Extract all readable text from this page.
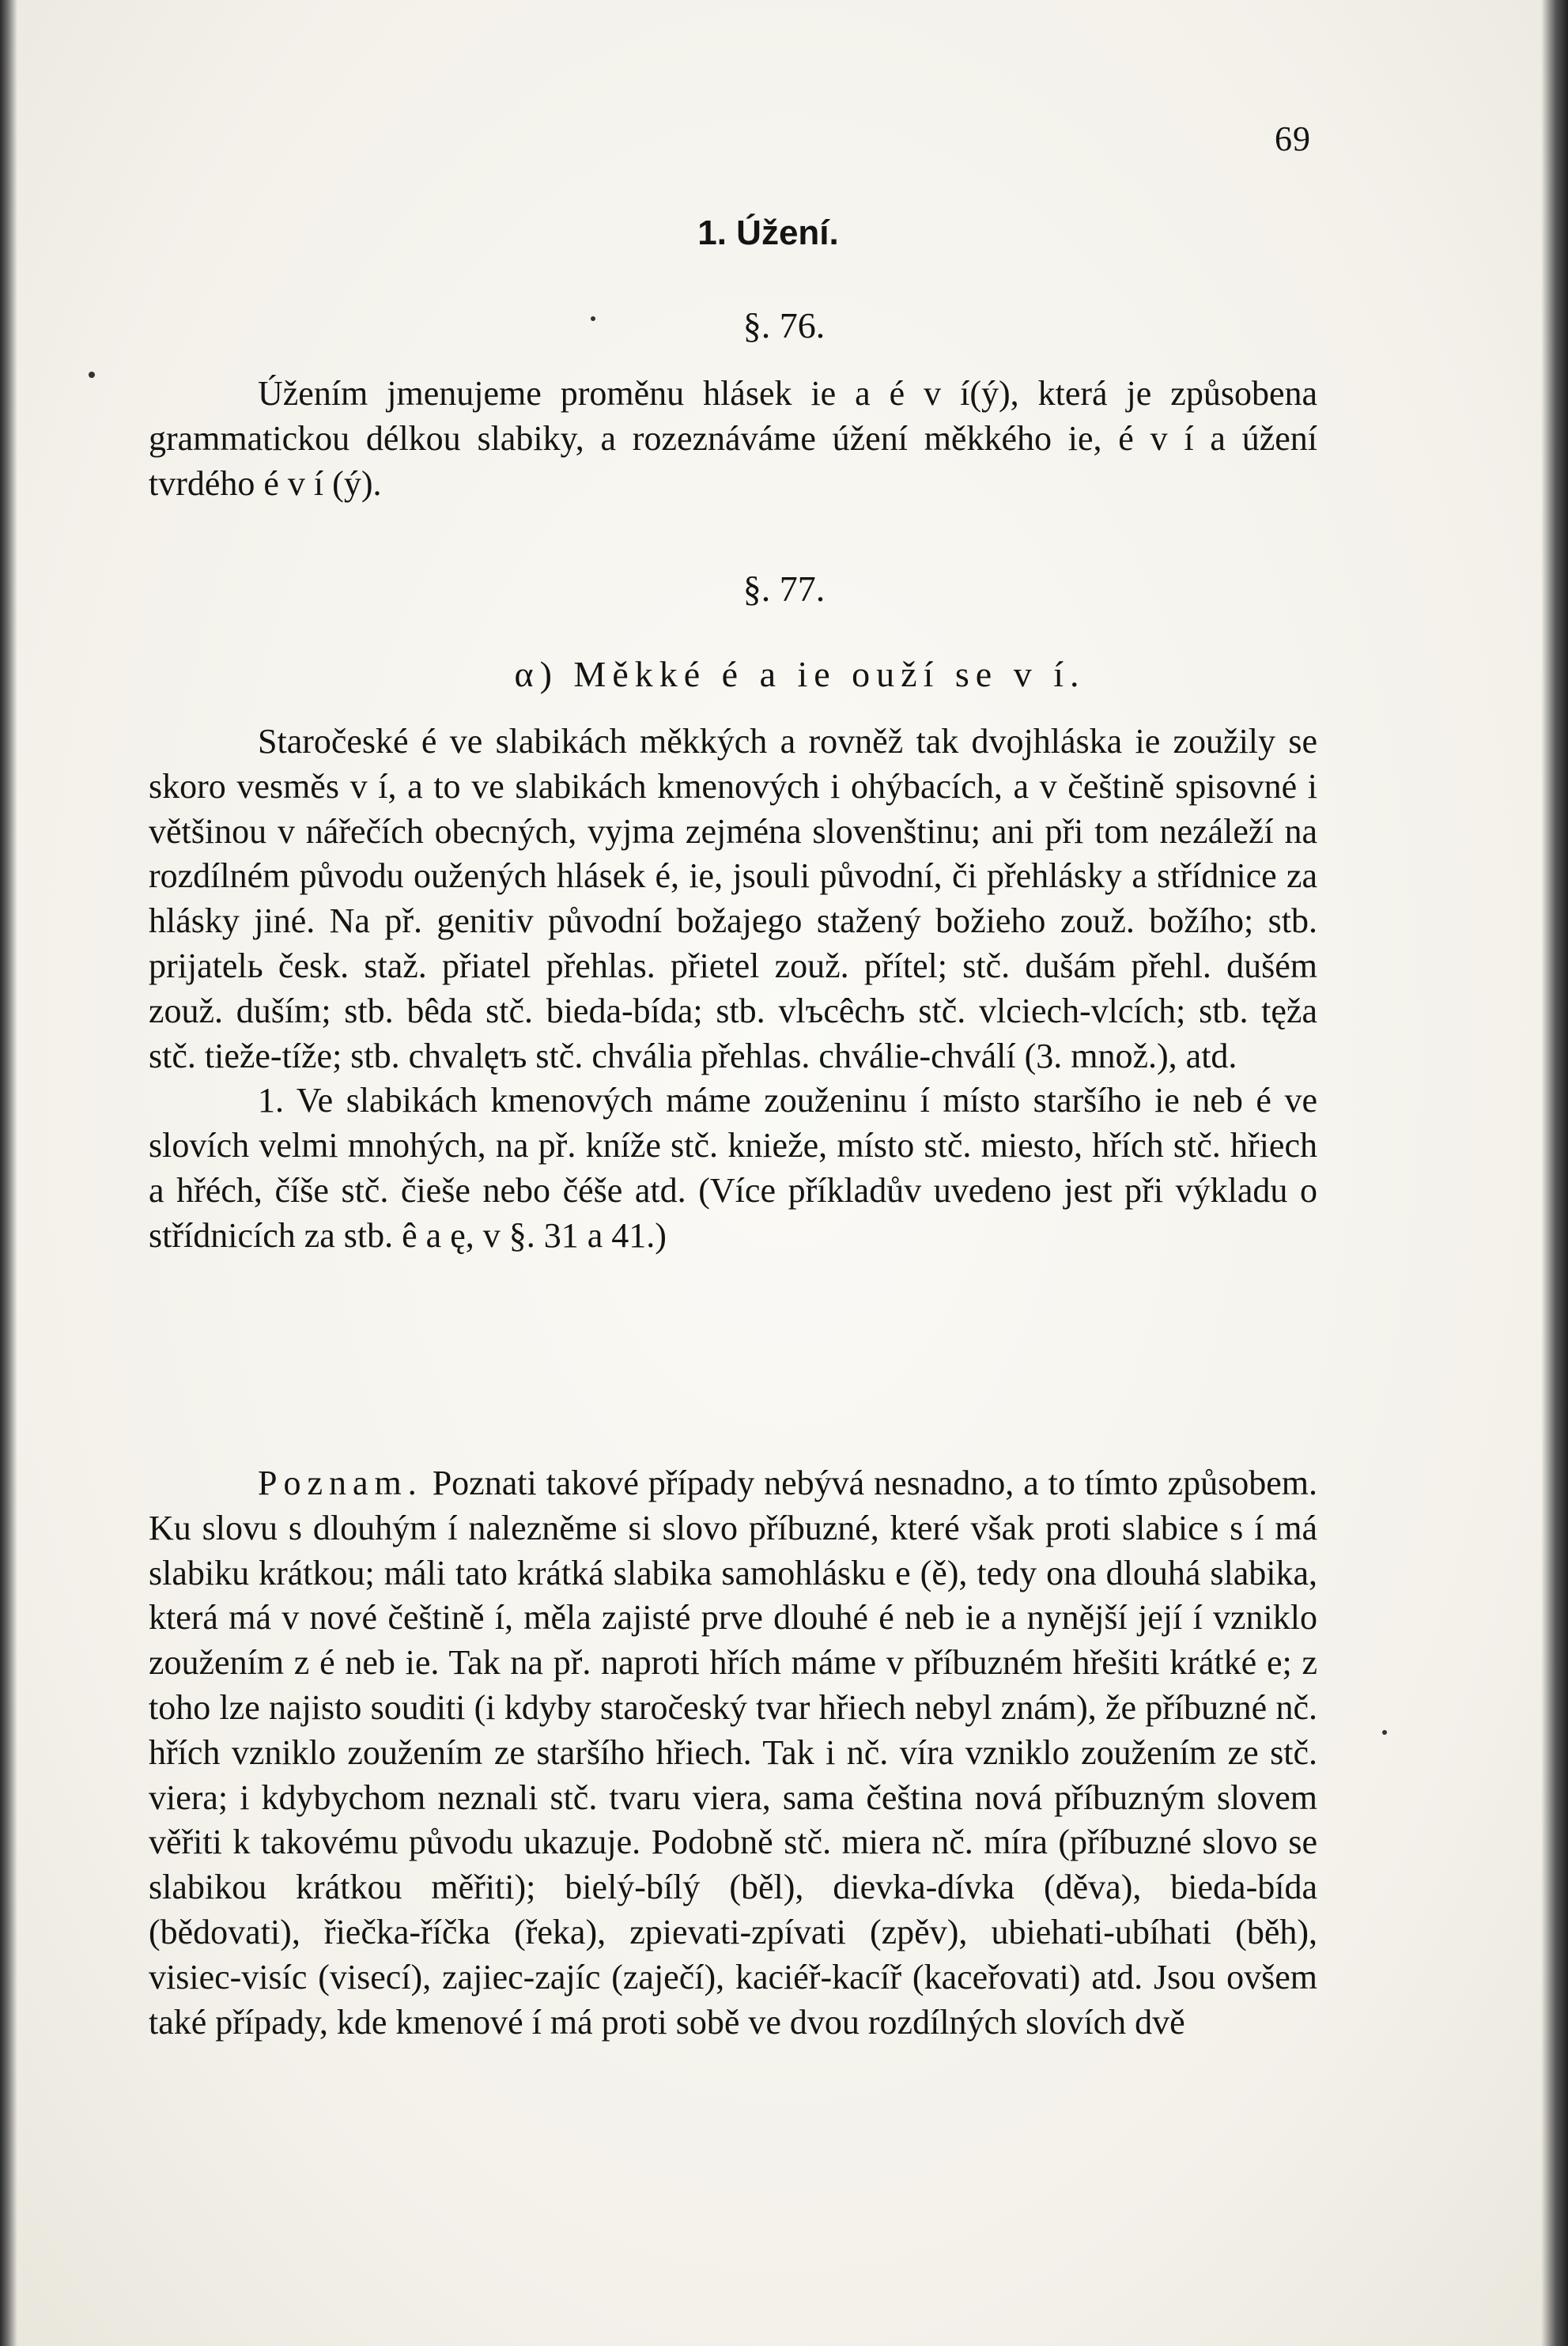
69
1. Úžení.
§. 76.

Úžením jmenujeme proměnu hlásek ie a é v í(ý), která je způsobena grammatickou délkou slabiky, a rozeznáváme úžení měkkého ie, é v í a úžení tvrdého é v í (ý).

§. 77.
α) Měkké é a ie ouží se v í.

Staročeské é ve slabikách měkkých a rovněž tak dvojhláska ie zoužily se skoro vesměs v í, a to ve slabikách kmenových i ohýbacích, a v češtině spisovné i většinou v nářečích obecných, vyjma zejména slovenštinu; ani při tom nezáleží na rozdílném původu oužených hlásek é, ie, jsouli původní, či přehlásky a střídnice za hlásky jiné. Na př. genitiv původní božajego stažený božieho zouž. božího; stb. prijatelь česk. staž. přiatel přehlas. přietel zouž. přítel; stč. dušám přehl. dušém zouž. duším; stb. bêda stč. bieda-bída; stb. vlъcêchъ stč. vlciech-vlcích; stb. tęža stč. tieže-tíže; stb. chvalętъ stč. chvália přehlas. chválie-chválí (3. množ.), atd.

1. Ve slabikách kmenových máme zouženinu í místo staršího ie neb é ve slovích velmi mnohých, na př. kníže stč. knieže, místo stč. miesto, hřích stč. hřiech a hřéch, číše stč. čieše nebo čéše atd. (Více příkladův uvedeno jest při výkladu o střídnicích za stb. ê a ę, v §. 31 a 41.)

Poznam. Poznati takové případy nebývá nesnadno, a to tímto způsobem. Ku slovu s dlouhým í nalezněme si slovo příbuzné, které však proti slabice s í má slabiku krátkou; máli tato krátká slabika samohlásku e (ě), tedy ona dlouhá slabika, která má v nové češtině í, měla zajisté prve dlouhé é neb ie a nynější její í vzniklo zoužením z é neb ie. Tak na př. naproti hřích máme v příbuzném hřešiti krátké e; z toho lze najisto souditi (i kdyby staročeský tvar hřiech nebyl znám), že příbuzné nč. hřích vzniklo zoužením ze staršího hřiech. Tak i nč. víra vzniklo zoužením ze stč. viera; i kdybychom neznali stč. tvaru viera, sama čeština nová příbuzným slovem věřiti k takovému původu ukazuje. Podobně stč. miera nč. míra (příbuzné slovo se slabikou krátkou měřiti); bielý-bílý (běl), dievka-dívka (děva), bieda-bída (bědovati), řiečka-říčka (řeka), zpievati-zpívati (zpěv), ubiehati-ubíhati (běh), visiec-visíc (visecí), zajiec-zajíc (zaječí), kaciéř-kacíř (kaceřovati) atd. Jsou ovšem také případy, kde kmenové í má proti sobě ve dvou rozdílných slovích dvě
